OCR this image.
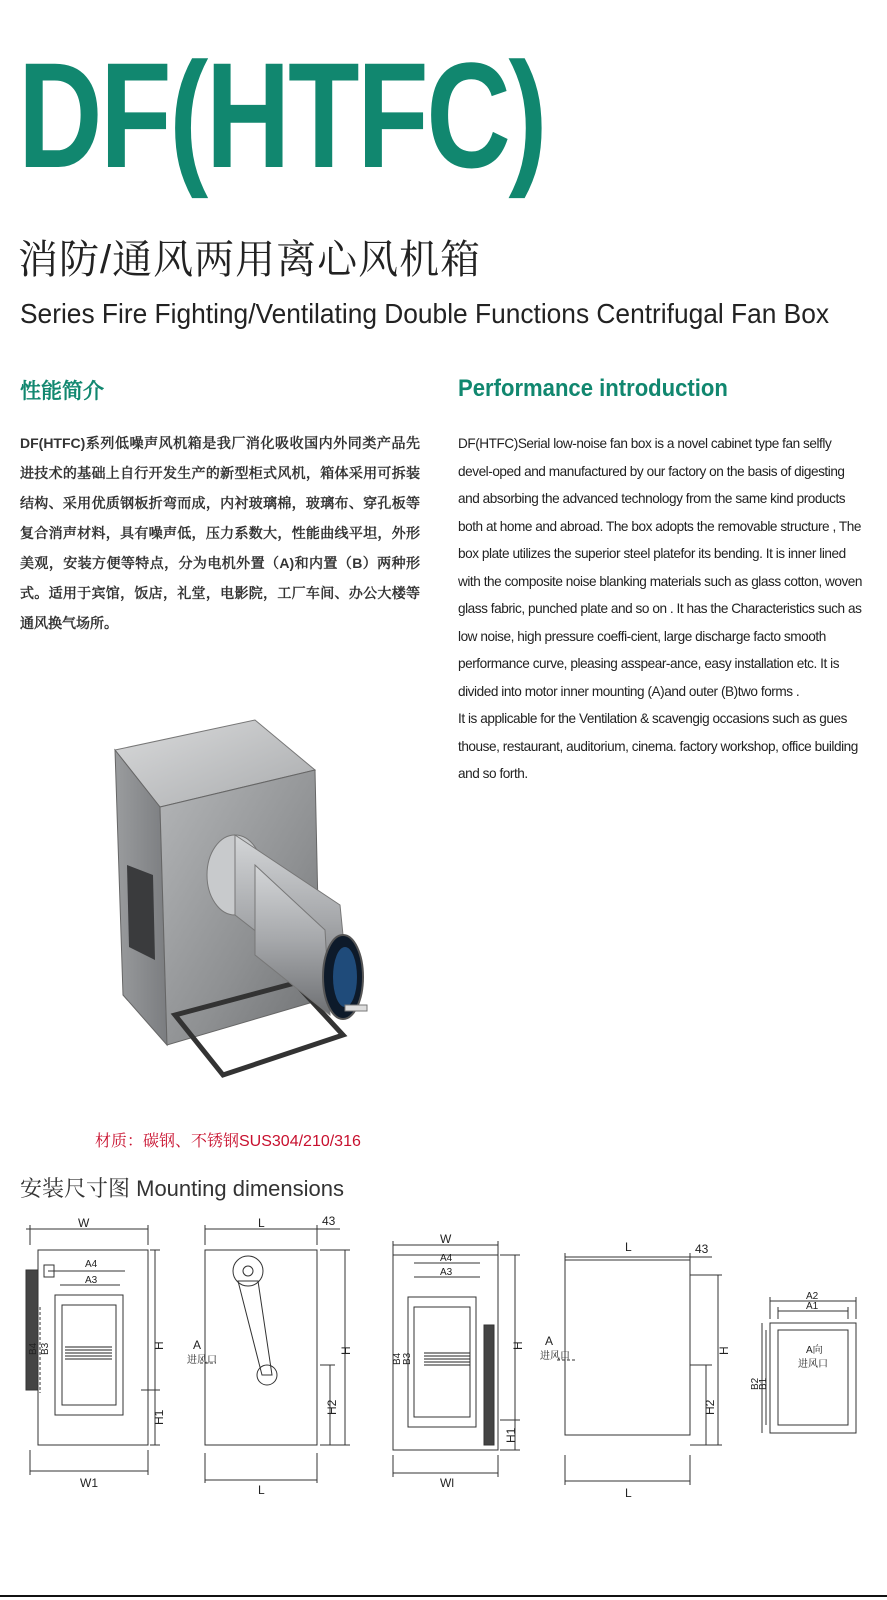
DF(HTFC)
消防/通风两用离心风机箱
Series Fire Fighting/Ventilating Double Functions Centrifugal Fan Box
性能简介
DF(HTFC)系列低噪声风机箱是我厂消化吸收国内外同类产品先进技术的基础上自行开发生产的新型柜式风机，箱体采用可拆装结构、采用优质钢板折弯而成，内衬玻璃棉，玻璃布、穿孔板等复合消声材料，具有噪声低，压力系数大，性能曲线平坦，外形美观，安装方便等特点，分为电机外置（A)和内置（B）两种形式。适用于宾馆，饭店，礼堂，电影院，工厂车间、办公大楼等通风换气场所。
Performance introduction

DF(HTFC)Serial low-noise fan box is a novel cabinet type fan selfly devel-oped and manufactured by our factory on the basis of digesting and absorbing the advanced technology from the same kind products both at home and abroad. The box adopts the removable structure , The box plate utilizes the superior steel platefor its bending. It is inner lined with the composite noise blanking materials such as glass cotton, woven glass fabric, punched plate and so on . It has the Characteristics such as low noise, high pressure coeffi-cient, large discharge facto smooth performance curve, pleasing asspear-ance, easy installation etc. It is divided into motor inner mounting (A)and outer (B)two forms .

It is applicable for the Ventilation & scavengig occasions such as gues thouse, restaurant, auditorium, cinema. factory workshop, office building and so forth.

材质：碳钢、不锈钢SUS304/210/316
安装尺寸图 Mounting dimensions
W
A4
A3
B4 B3	H
H1
W1
L	43
A
进风口
H
H2
L
W
A4
A3
B4 B3
H
H1
Wl
L	43
A
进风口
H
H2
L
A2
A1
A向
进风口
B2
B1
